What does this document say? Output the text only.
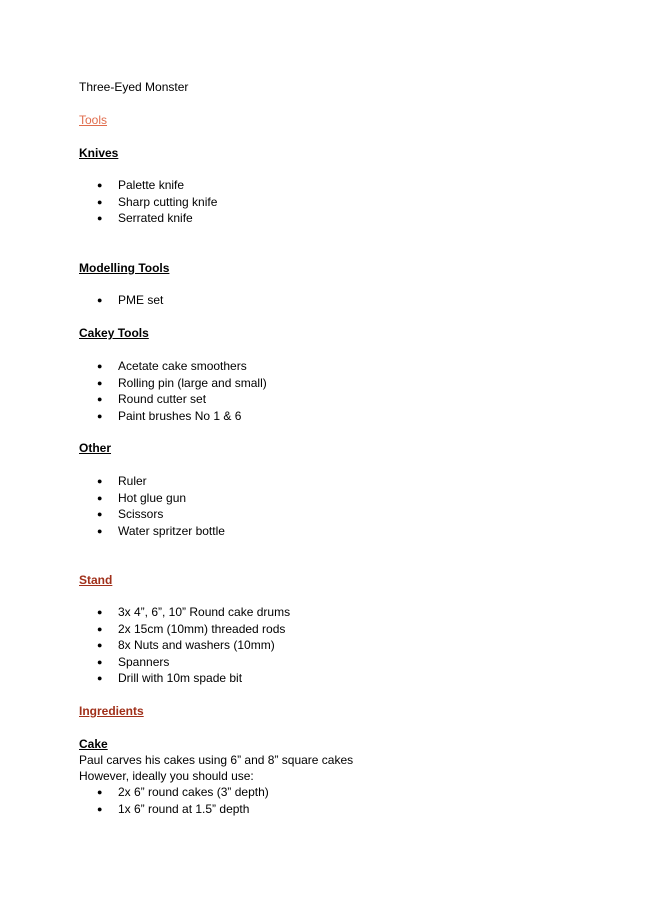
Three-Eyed Monster
Tools
Knives
● Palette knife
● Sharp cutting knife
● Serrated knife
Modelling Tools
● PME set
Cakey Tools
● Acetate cake smoothers
● Rolling pin (large and small)
● Round cutter set
● Paint brushes No 1 & 6
Other
● Ruler
● Hot glue gun
● Scissors
● Water spritzer bottle
Stand
● 3x 4”, 6”, 10” Round cake drums
● 2x 15cm (10mm) threaded rods
● 8x Nuts and washers (10mm)
● Spanners
● Drill with 10m spade bit
Ingredients
Cake
Paul carves his cakes using 6” and 8” square cakes
However, ideally you should use:
● 2x 6” round cakes (3” depth)
● 1x 6” round at 1.5” depth
